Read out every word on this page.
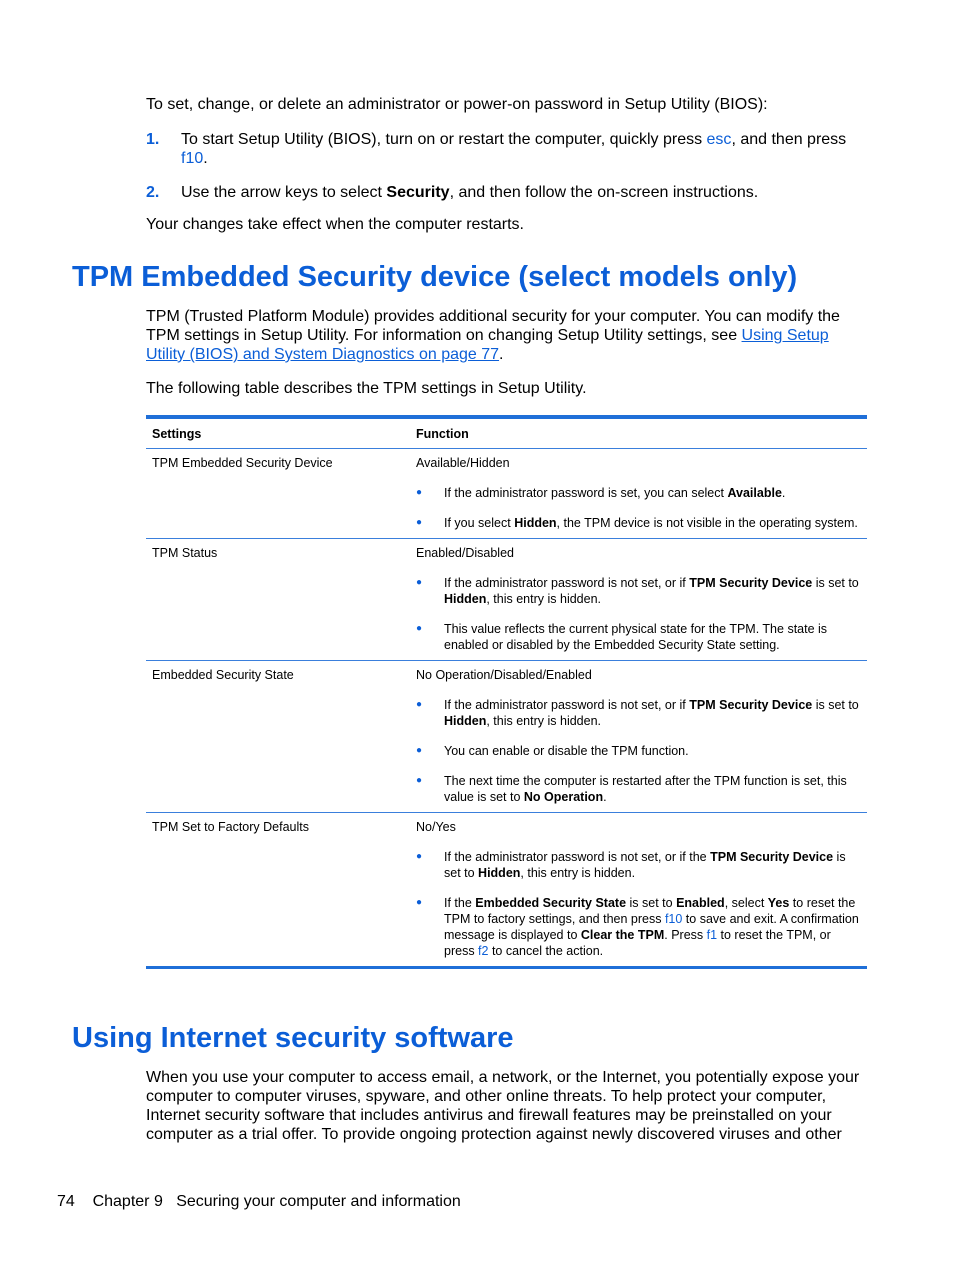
To set, change, or delete an administrator or power-on password in Setup Utility (BIOS):

1.	To start Setup Utility (BIOS), turn on or restart the computer, quickly press esc, and then press
f10.
2.	Use the arrow keys to select Security, and then follow the on-screen instructions.

Your changes take effect when the computer restarts.

TPM Embedded Security device (select models only)

TPM (Trusted Platform Module) provides additional security for your computer. You can modify the TPM settings in Setup Utility. For information on changing Setup Utility settings, see Using Setup Utility (BIOS) and System Diagnostics on page 77.

The following table describes the TPM settings in Setup Utility.

Settings	Function
TPM Embedded Security Device	Available/Hidden
●	If the administrator password is set, you can select Available.
●	If you select Hidden, the TPM device is not visible in the operating system.
TPM Status	Enabled/Disabled
●	If the administrator password is not set, or if TPM Security Device is set to Hidden, this entry is hidden.
●	This value reflects the current physical state for the TPM. The state is enabled or disabled by the Embedded Security State setting.
Embedded Security State	No Operation/Disabled/Enabled
●	If the administrator password is not set, or if TPM Security Device is set to Hidden, this entry is hidden.
●	You can enable or disable the TPM function.
●	The next time the computer is restarted after the TPM function is set, this value is set to No Operation.
TPM Set to Factory Defaults	No/Yes
●	If the administrator password is not set, or if the TPM Security Device is set to Hidden, this entry is hidden.
●	If the Embedded Security State is set to Enabled, select Yes to reset the TPM to factory settings, and then press f10 to save and exit. A confirmation message is displayed to Clear the TPM. Press f1 to reset the TPM, or press f2 to cancel the action.
Using Internet security software

When you use your computer to access email, a network, or the Internet, you potentially expose your computer to computer viruses, spyware, and other online threats. To help protect your computer, Internet security software that includes antivirus and firewall features may be preinstalled on your computer as a trial offer. To provide ongoing protection against newly discovered viruses and other

74 Chapter 9 Securing your computer and information
